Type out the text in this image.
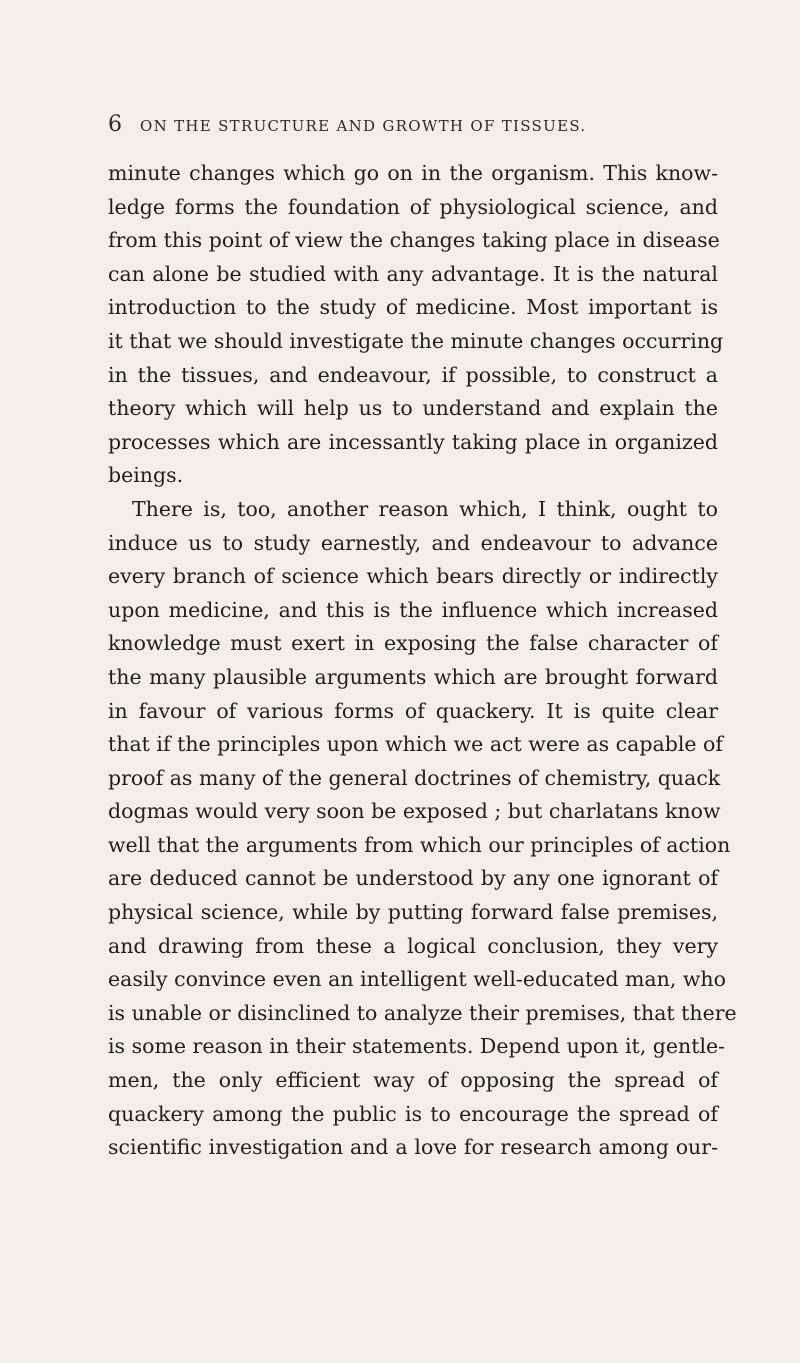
6 ON THE STRUCTURE AND GROWTH OF TISSUES.
minute changes which go on in the organism. This know-
ledge forms the foundation of physiological science, and
from this point of view the changes taking place in disease
can alone be studied with any advantage. It is the natural
introduction to the study of medicine. Most important is
it that we should investigate the minute changes occurring
in the tissues, and endeavour, if possible, to construct a
theory which will help us to understand and explain the
processes which are incessantly taking place in organized
beings.
There is, too, another reason which, I think, ought to
induce us to study earnestly, and endeavour to advance
every branch of science which bears directly or indirectly
upon medicine, and this is the influence which increased
knowledge must exert in exposing the false character of
the many plausible arguments which are brought forward
in favour of various forms of quackery. It is quite clear
that if the principles upon which we act were as capable of
proof as many of the general doctrines of chemistry, quack
dogmas would very soon be exposed ; but charlatans know
well that the arguments from which our principles of action
are deduced cannot be understood by any one ignorant of
physical science, while by putting forward false premises,
and drawing from these a logical conclusion, they very
easily convince even an intelligent well-educated man, who
is unable or disinclined to analyze their premises, that there
is some reason in their statements. Depend upon it, gentle-
men, the only efficient way of opposing the spread of
quackery among the public is to encourage the spread of
scientific investigation and a love for research among our-
